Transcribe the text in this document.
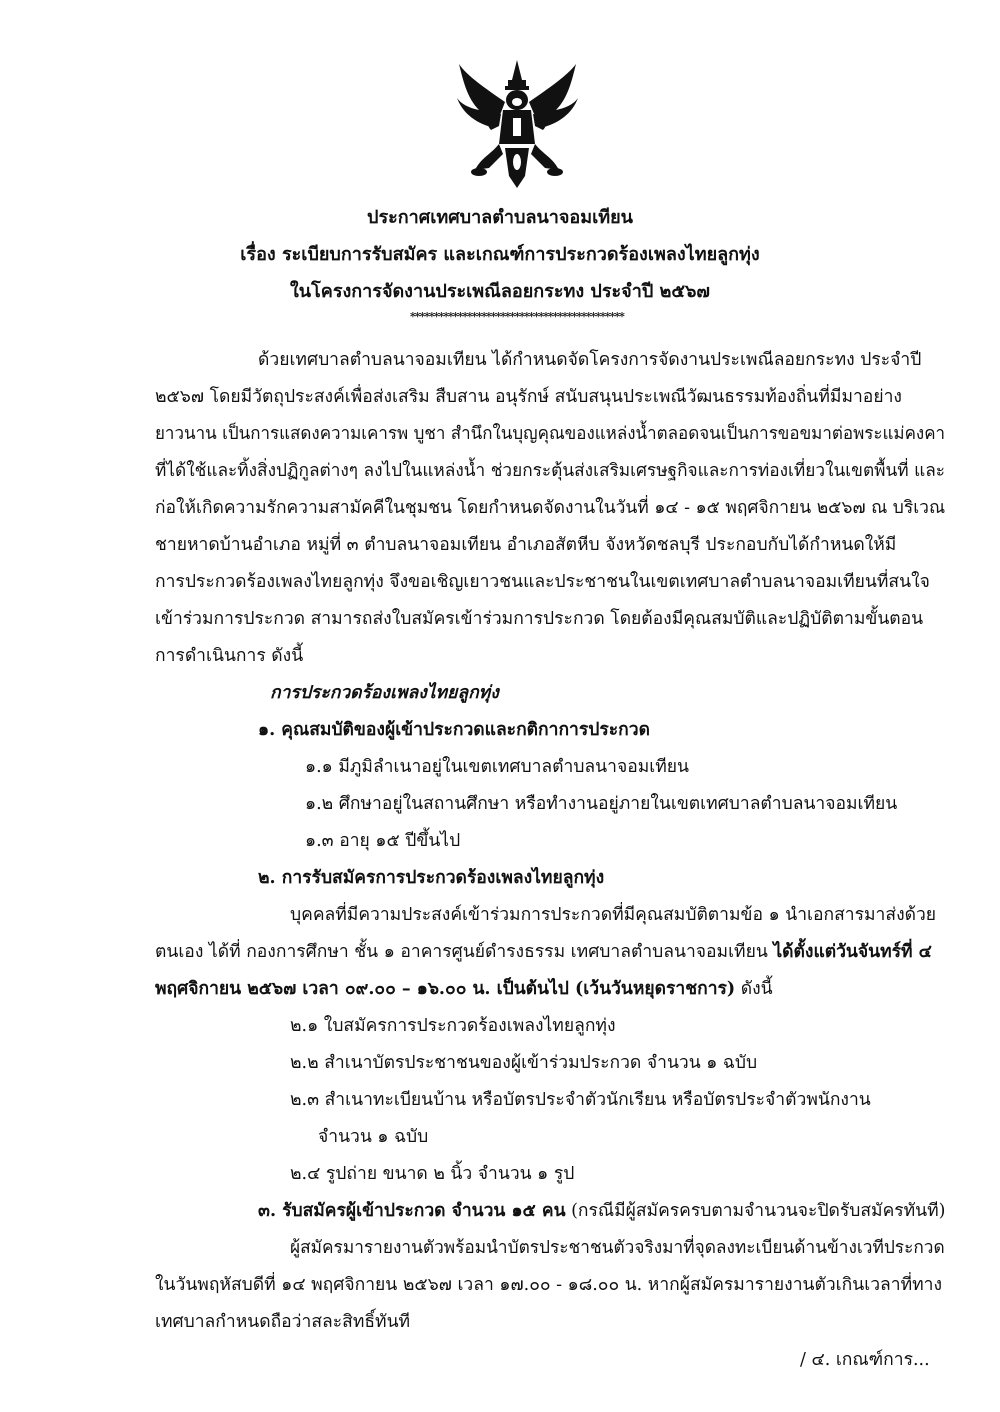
ประกาศเทศบาลตำบลนาจอมเทียน
เรื่อง ระเบียบการรับสมัคร และเกณฑ์การประกวดร้องเพลงไทยลูกทุ่ง
ในโครงการจัดงานประเพณีลอยกระทง ประจำปี ๒๕๖๗
*********************************************
ด้วยเทศบาลตำบลนาจอมเทียน ได้กำหนดจัดโครงการจัดงานประเพณีลอยกระทง ประจำปี
๒๕๖๗ โดยมีวัตถุประสงค์เพื่อส่งเสริม สืบสาน อนุรักษ์ สนับสนุนประเพณีวัฒนธรรมท้องถิ่นที่มีมาอย่าง
ยาวนาน เป็นการแสดงความเคารพ บูชา สำนึกในบุญคุณของแหล่งน้ำตลอดจนเป็นการขอขมาต่อพระแม่คงคา
ที่ได้ใช้และทิ้งสิ่งปฏิกูลต่างๆ ลงไปในแหล่งน้ำ ช่วยกระตุ้นส่งเสริมเศรษฐกิจและการท่องเที่ยวในเขตพื้นที่ และ
ก่อให้เกิดความรักความสามัคคีในชุมชน โดยกำหนดจัดงานในวันที่ ๑๔ - ๑๕ พฤศจิกายน ๒๕๖๗ ณ บริเวณ
ชายหาดบ้านอำเภอ หมู่ที่ ๓ ตำบลนาจอมเทียน อำเภอสัตหีบ จังหวัดชลบุรี ประกอบกับได้กำหนดให้มี
การประกวดร้องเพลงไทยลูกทุ่ง จึงขอเชิญเยาวชนและประชาชนในเขตเทศบาลตำบลนาจอมเทียนที่สนใจ
เข้าร่วมการประกวด สามารถส่งใบสมัครเข้าร่วมการประกวด โดยต้องมีคุณสมบัติและปฏิบัติตามขั้นตอน
การดำเนินการ ดังนี้
การประกวดร้องเพลงไทยลูกทุ่ง
๑. คุณสมบัติของผู้เข้าประกวดและกติกาการประกวด
๑.๑ มีภูมิลำเนาอยู่ในเขตเทศบาลตำบลนาจอมเทียน
๑.๒ ศึกษาอยู่ในสถานศึกษา หรือทำงานอยู่ภายในเขตเทศบาลตำบลนาจอมเทียน
๑.๓ อายุ ๑๕ ปีขึ้นไป
๒. การรับสมัครการประกวดร้องเพลงไทยลูกทุ่ง
บุคคลที่มีความประสงค์เข้าร่วมการประกวดที่มีคุณสมบัติตามข้อ ๑ นำเอกสารมาส่งด้วย
ตนเอง ได้ที่ กองการศึกษา ชั้น ๑ อาคารศูนย์ดำรงธรรม เทศบาลตำบลนาจอมเทียน ได้ตั้งแต่วันจันทร์ที่ ๔
พฤศจิกายน ๒๕๖๗ เวลา ๐๙.๐๐ – ๑๖.๐๐ น. เป็นต้นไป (เว้นวันหยุดราชการ) ดังนี้
๒.๑ ใบสมัครการประกวดร้องเพลงไทยลูกทุ่ง
๒.๒ สำเนาบัตรประชาชนของผู้เข้าร่วมประกวด จำนวน ๑ ฉบับ
๒.๓ สำเนาทะเบียนบ้าน หรือบัตรประจำตัวนักเรียน หรือบัตรประจำตัวพนักงาน
จำนวน ๑ ฉบับ
๒.๔ รูปถ่าย ขนาด ๒ นิ้ว จำนวน ๑ รูป
๓. รับสมัครผู้เข้าประกวด จำนวน ๑๕ คน (กรณีมีผู้สมัครครบตามจำนวนจะปิดรับสมัครทันที)
ผู้สมัครมารายงานตัวพร้อมนำบัตรประชาชนตัวจริงมาที่จุดลงทะเบียนด้านข้างเวทีประกวด
ในวันพฤหัสบดีที่ ๑๔ พฤศจิกายน ๒๕๖๗ เวลา ๑๗.๐๐ - ๑๘.๐๐ น. หากผู้สมัครมารายงานตัวเกินเวลาที่ทาง
เทศบาลกำหนดถือว่าสละสิทธิ์ทันที
/ ๔. เกณฑ์การ...
